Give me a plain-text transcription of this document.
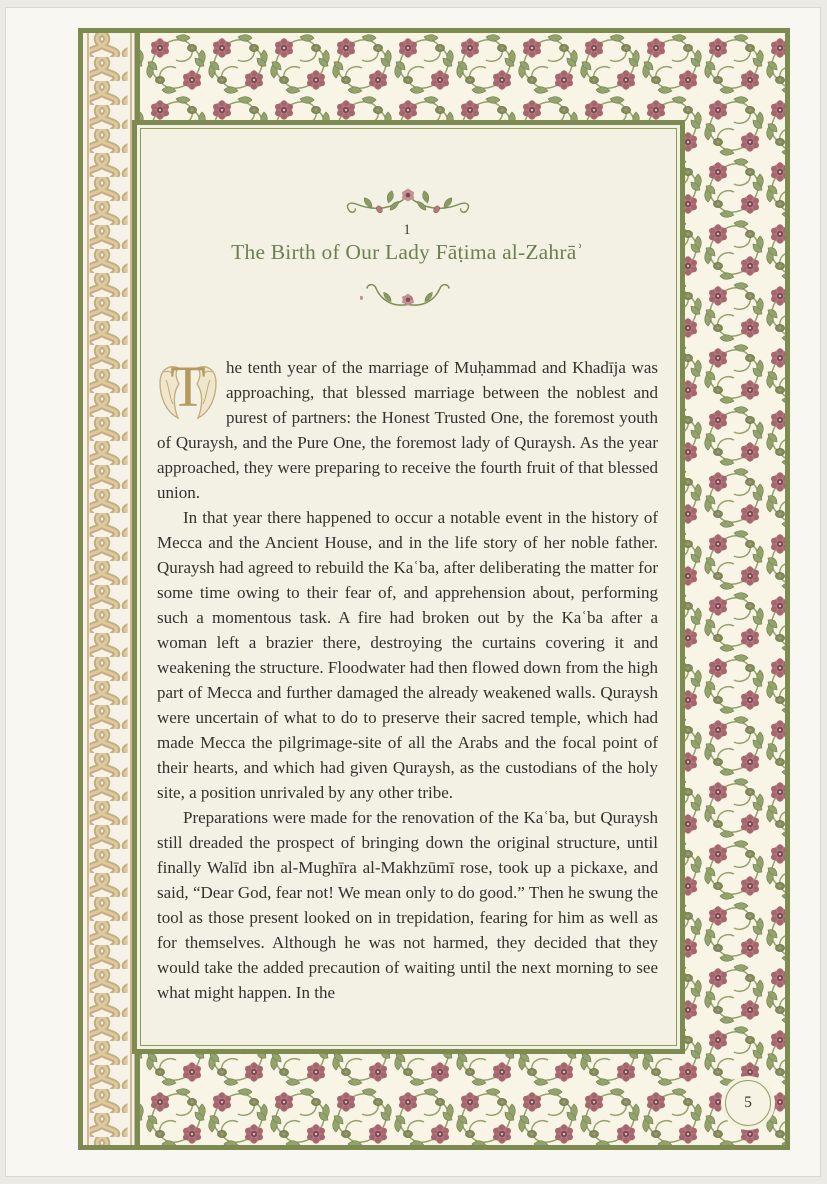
1
The Birth of Our Lady Fāṭima al-Zahrāʾ

T	he tenth year of the marriage of Muḥammad and Khadīja was approaching, that blessed marriage between the noblest and purest of partners: the Honest Trusted One, the foremost youth of Quraysh, and the Pure One, the foremost lady of Quraysh. As the year approached, they were preparing to receive the fourth fruit of that blessed union.

In that year there happened to occur a notable event in the history of Mecca and the Ancient House, and in the life story of her noble father. Quraysh had agreed to rebuild the Kaʿba, after deliberating the matter for some time owing to their fear of, and apprehension about, performing such a momentous task. A fire had broken out by the Kaʿba after a woman left a brazier there, destroying the curtains covering it and weakening the structure. Floodwater had then flowed down from the high part of Mecca and further damaged the already weakened walls. Quraysh were uncertain of what to do to preserve their sacred temple, which had made Mecca the pilgrimage-site of all the Arabs and the focal point of their hearts, and which had given Quraysh, as the custodians of the holy site, a position unrivaled by any other tribe.

Preparations were made for the renovation of the Kaʿba, but Quraysh still dreaded the prospect of bringing down the original structure, until finally Walīd ibn al-Mughīra al-Makhzūmī rose, took up a pickaxe, and said, “Dear God, fear not! We mean only to do good.” Then he swung the tool as those present looked on in trepidation, fearing for him as well as for themselves. Although he was not harmed, they decided that they would take the added precaution of waiting until the next morning to see what might happen. In the

5
